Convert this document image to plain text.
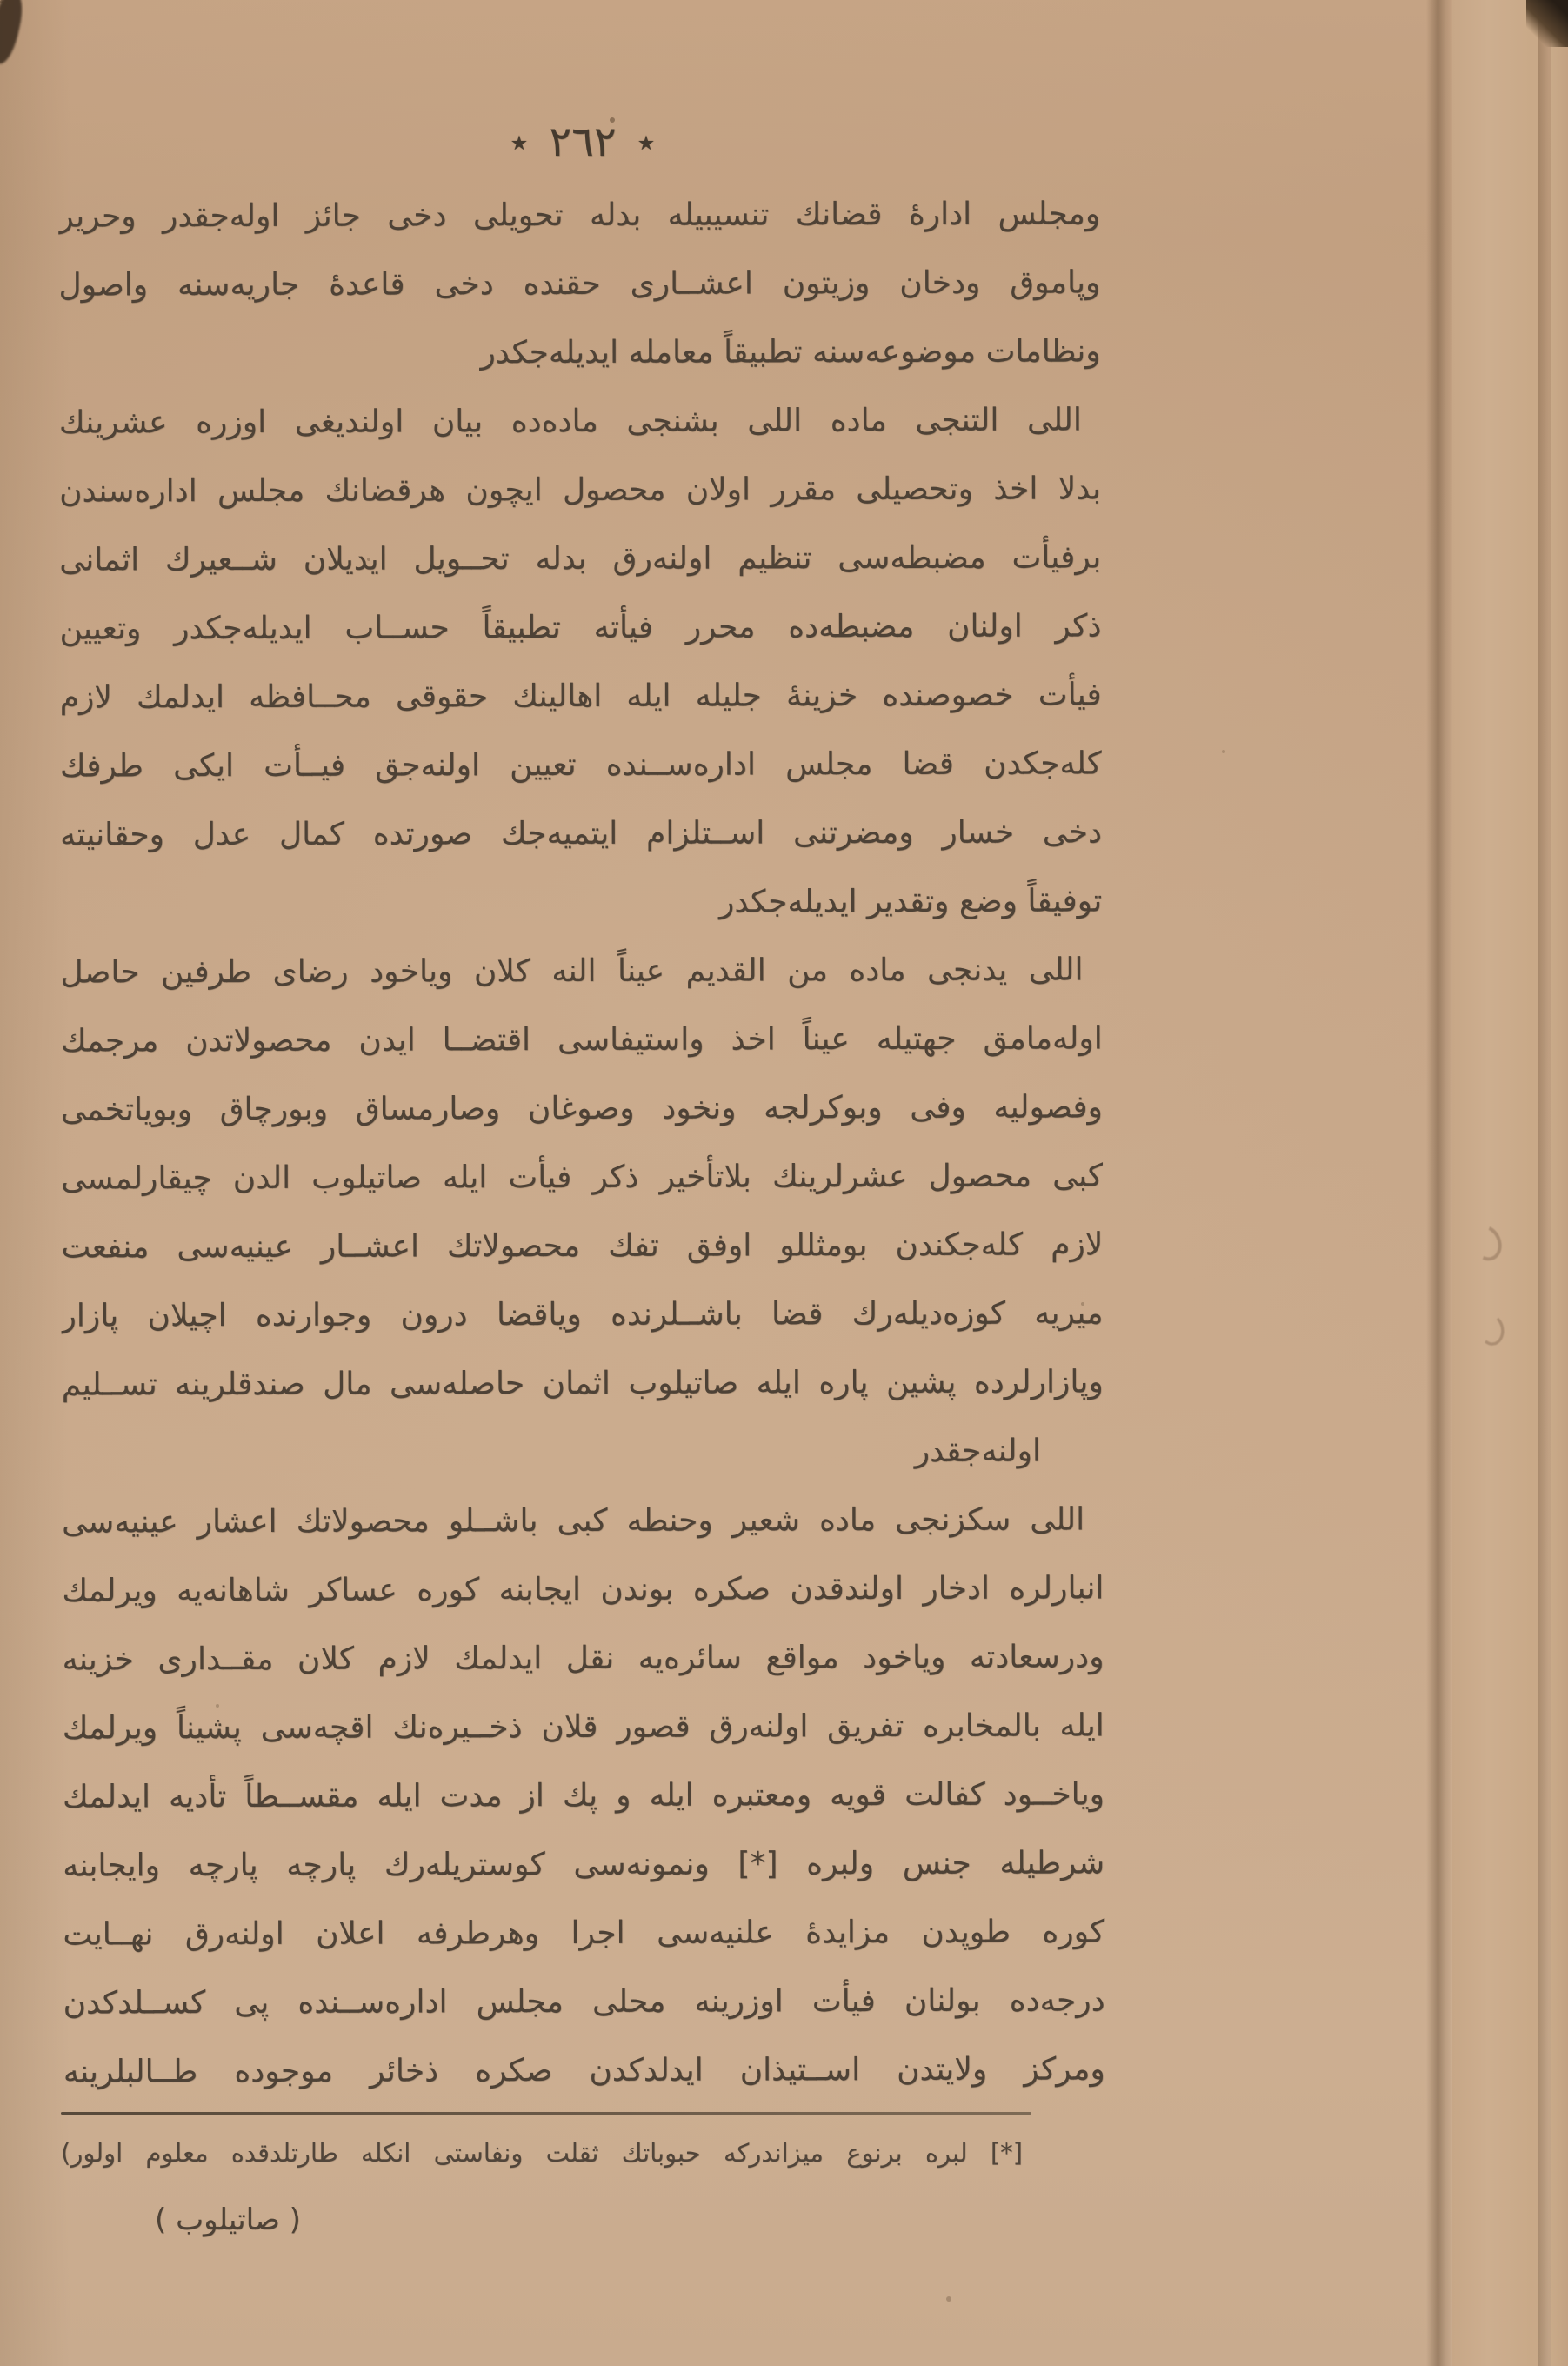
٭
٢٦٢
٭
ومجلس ادارهٔ قضانك تنسيبيله بدله تحويلى دخى جائز اوله‌جقدر وحرير
وپاموق ودخان وزيتون اعشــارى حقنده دخى قاعدهٔ جاريه‌سنه واصول
ونظامات موضوعه‌سنه تطبيقاً معامله ايديله‌جكدر
اللى التنجى ماده اللى بشنجى ماده‌ده بيان اولنديغى اوزره عشرينك
بدلا اخذ وتحصيلى مقرر اولان محصول ايچون هرقضانك مجلس اداره‌سندن
برفيأت مضبطه‌سى تنظيم اولنه‌رق بدله تحــويل ايديلان شــعيرك اثمانى
ذكر اولنان مضبطه‌ده محرر فيأته تطبيقاً حســاب ايديله‌جكدر وتعيين
فيأت خصوصنده خزينهٔ جليله ايله اهالينك حقوقى محــافظه ايدلمك لازم
كله‌جكدن قضا مجلس اداره‌ســنده تعيين اولنه‌جق فيــأت ايكى طرفك
دخى خسار ومضرتنى اســتلزام ايتميه‌جك صورتده كمال عدل وحقانيته
توفيقاً وضع وتقدير ايديله‌جكدر
اللى يدنجى ماده من القديم عيناً النه كلان وياخود رضاى طرفين حاصل
اوله‌مامق جهتيله عيناً اخذ واستيفاسى اقتضــا ايدن محصولاتدن مرجمك
وفصوليه وفى وبوكرلجه ونخود وصوغان وصارمساق وبورچاق وبوياتخمى
كبى محصول عشرلرينك بلاتأخير ذكر فيأت ايله صاتيلوب الدن چيقارلمسى
لازم كله‌جكندن بومثللو اوفق تفك محصولاتك اعشــار عينيه‌سى منفعت
ميريه كوزه‌ديله‌رك قضا باشــلرنده وياقضا درون وجوارنده اچيلان پازار
وپازارلرده پشين پاره ايله صاتيلوب اثمان حاصله‌سى مال صندقلرينه تســليم
اولنه‌جقدر
اللى سكزنجى ماده شعير وحنطه كبى باشــلو محصولاتك اعشار عينيه‌سى
انبارلره ادخار اولندقدن صكره بوندن ايجابنه كوره عساكر شاهانه‌يه ويرلمك
ودرسعادته وياخود مواقع سائره‌يه نقل ايدلمك لازم كلان مقــدارى خزينه
ايله بالمخابره تفريق اولنه‌رق قصور قلان ذخــيره‌نك اقچه‌سى پشيناً ويرلمك
وياخــود كفالت قويه ومعتبره ايله و پك از مدت ايله مقســطاً تأديه ايدلمك
شرطيله جنس ولبره [*] ونمونه‌سى كوستريله‌رك پارچه پارچه وايجابنه
كوره طوپدن مزايدهٔ علنيه‌سى اجرا وهرطرفه اعلان اولنه‌رق نهــايت
درجه‌ده بولنان فيأت اوزرينه محلى مجلس اداره‌ســنده پى كســلدكدن
ومركز ولايتدن اســتيذان ايدلدكدن صكره ذخائر موجوده طــالبلرينه
[*] لبره برنوع ميزاندركه حبوباتك ثقلت ونفاستى انكله طارتلدقده معلوم اولور)
( صاتيلوب )
